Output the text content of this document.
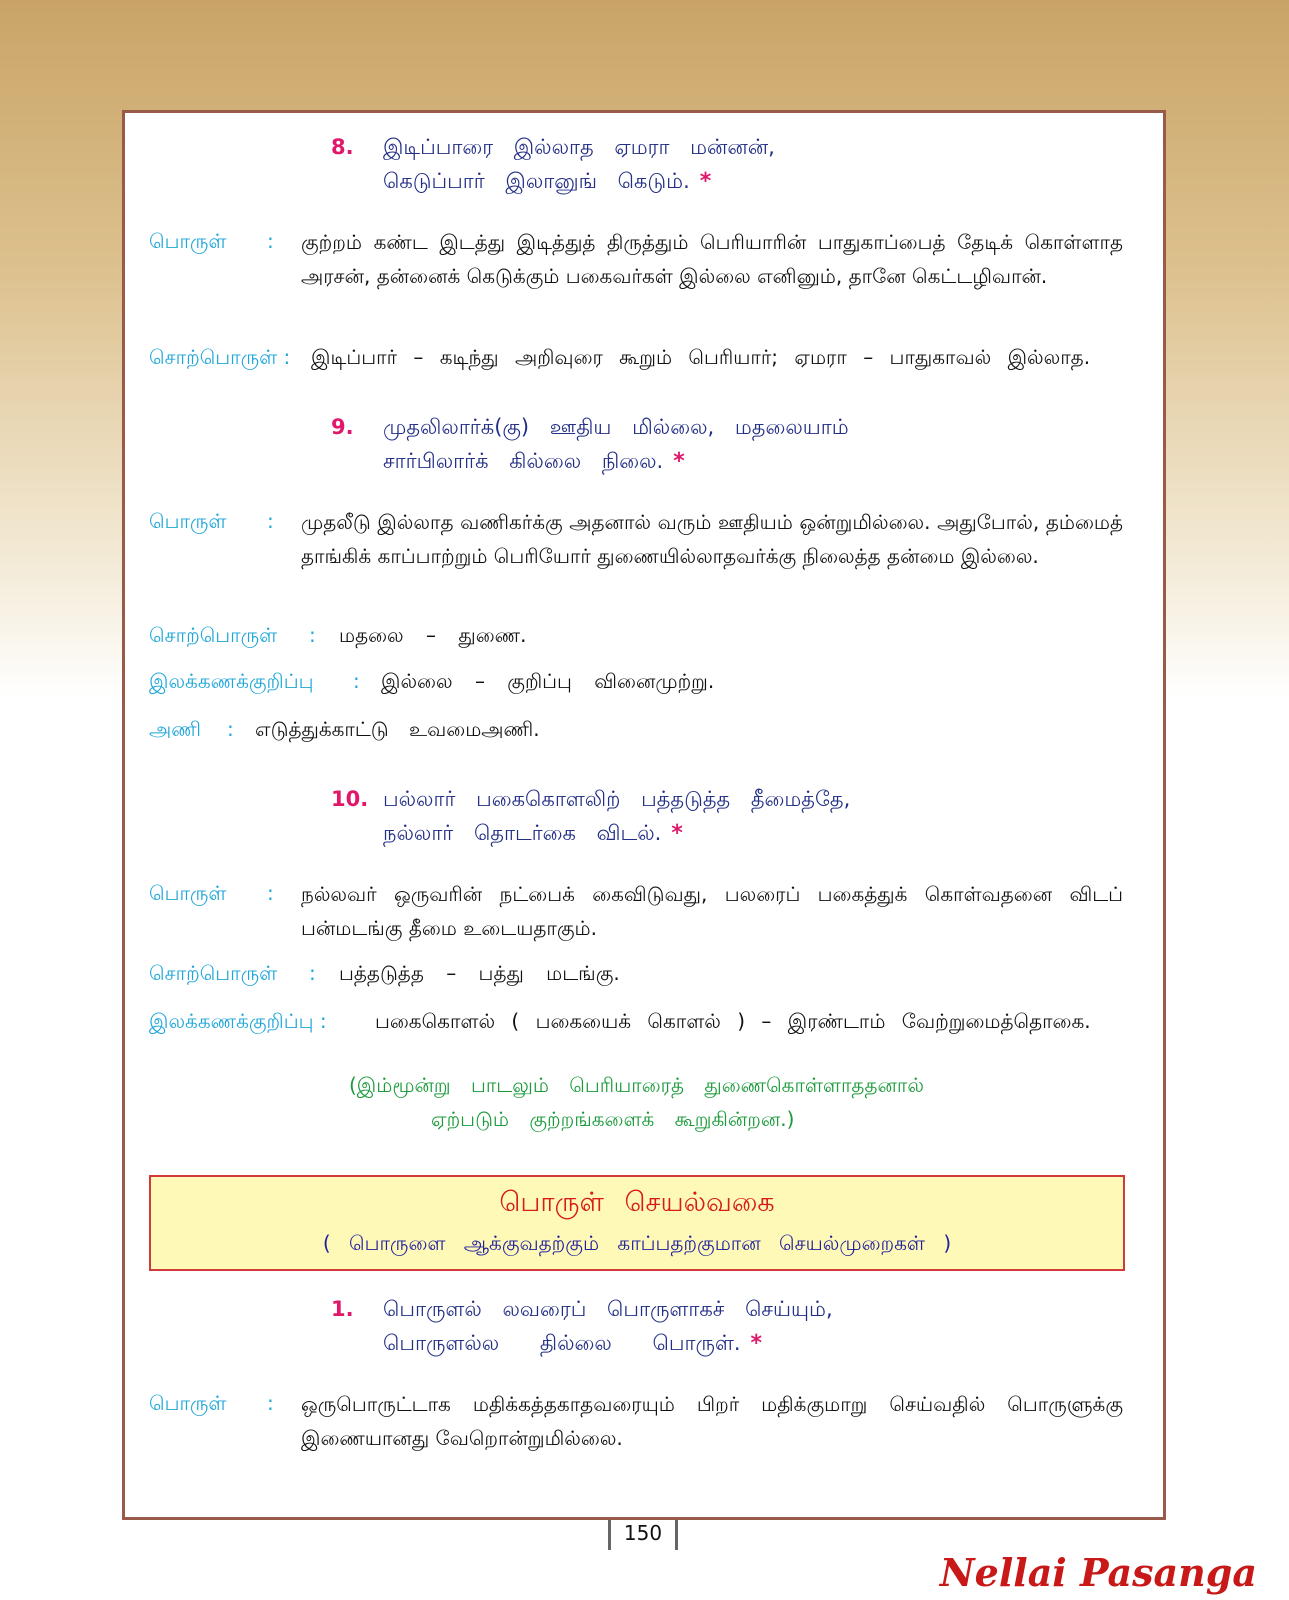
8. இடிப்பாரை இல்லாத ஏமரா மன்னன்,
கெடுப்பார் இலானுங் கெடும். *
பொருள் : குற்றம் கண்ட இடத்து இடித்துத் திருத்தும் பெரியாரின் பாதுகாப்பைத் தேடிக் கொள்ளாத அரசன், தன்னைக் கெடுக்கும் பகைவர்கள் இல்லை எனினும், தானே கெட்டழிவான்.
சொற்பொருள் : இடிப்பார் – கடிந்து அறிவுரை கூறும் பெரியார்; ஏமரா – பாதுகாவல் இல்லாத.
9. முதலிலார்க்(கு) ஊதிய மில்லை, மதலையாம்
சார்பிலார்க் கில்லை நிலை. *
பொருள் : முதலீடு இல்லாத வணிகர்க்கு அதனால் வரும் ஊதியம் ஒன்றுமில்லை. அதுபோல், தம்மைத் தாங்கிக் காப்பாற்றும் பெரியோர் துணையில்லாதவர்க்கு நிலைத்த தன்மை இல்லை.
சொற்பொருள் : மதலை – துணை.
இலக்கணக்குறிப்பு : இல்லை – குறிப்பு வினைமுற்று.
அணி : எடுத்துக்காட்டு உவமைஅணி.
10. பல்லார் பகைகொளலிற் பத்தடுத்த தீமைத்தே,
நல்லார் தொடர்கை விடல். *
பொருள் : நல்லவர் ஒருவரின் நட்பைக் கைவிடுவது, பலரைப் பகைத்துக் கொள்வதனை விடப் பன்மடங்கு தீமை உடையதாகும்.
சொற்பொருள் : பத்தடுத்த – பத்து மடங்கு.
இலக்கணக்குறிப்பு : பகைகொளல் ( பகையைக் கொளல் ) – இரண்டாம் வேற்றுமைத்தொகை.
(இம்மூன்று பாடலும் பெரியாரைத் துணைகொள்ளாததனால்
ஏற்படும் குற்றங்களைக் கூறுகின்றன.)
பொருள் செயல்வகை
( பொருளை ஆக்குவதற்கும் காப்பதற்குமான செயல்முறைகள் )
1. பொருளல் லவரைப் பொருளாகச் செய்யும்,
பொருளல்ல தில்லை பொருள். *
பொருள் : ஒருபொருட்டாக மதிக்கத்தகாதவரையும் பிறர் மதிக்குமாறு செய்வதில் பொருளுக்கு இணையானது வேறொன்றுமில்லை.
150
Nellai Pasanga
